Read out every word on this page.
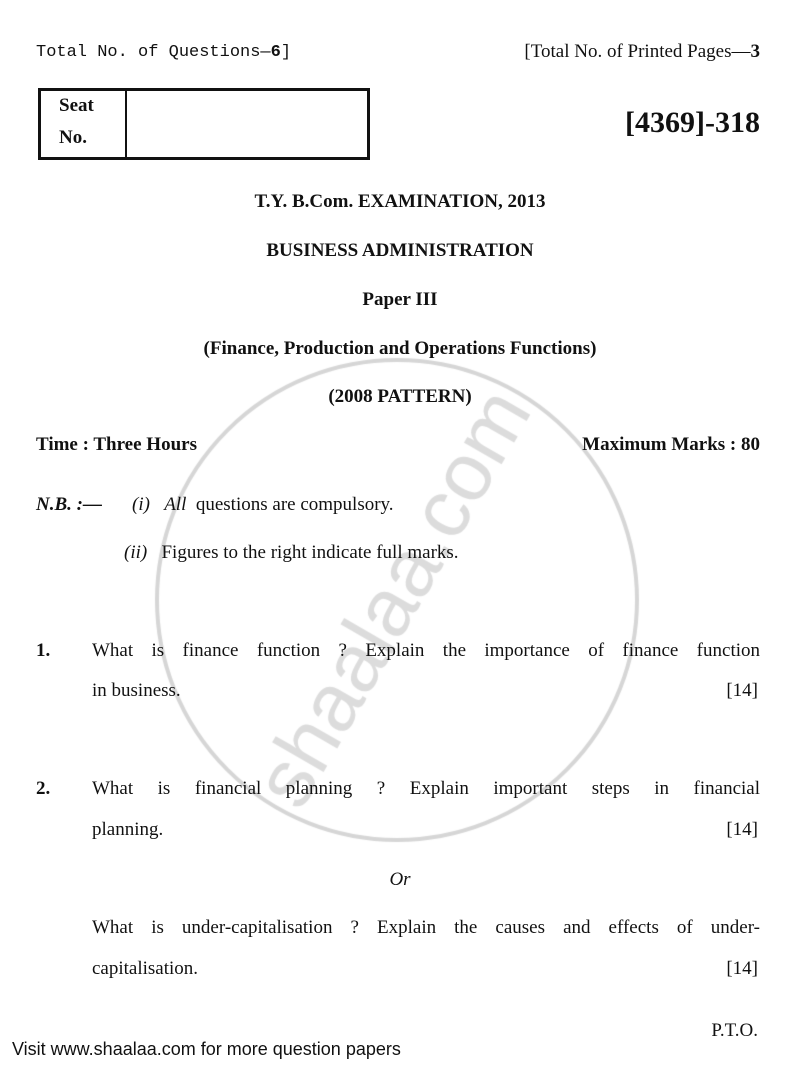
Total No. of Questions—6]	[Total No. of Printed Pages—3
Seat
No.	[4369]-318
T.Y. B.Com. EXAMINATION, 2013
BUSINESS ADMINISTRATION
Paper III
(Finance, Production and Operations Functions)
(2008 PATTERN)
Time : Three Hours	Maximum Marks : 80
N.B. :— (i) All questions are compulsory.
(ii) Figures to the right indicate full marks.
1. What is finance function ? Explain the importance of finance function
in business.	[14]
2. What is financial planning ? Explain important steps in financial
planning.	[14]
Or
What is under-capitalisation ? Explain the causes and effects of under-
capitalisation.	[14]
P.T.O.
Visit www.shaalaa.com for more question papers
